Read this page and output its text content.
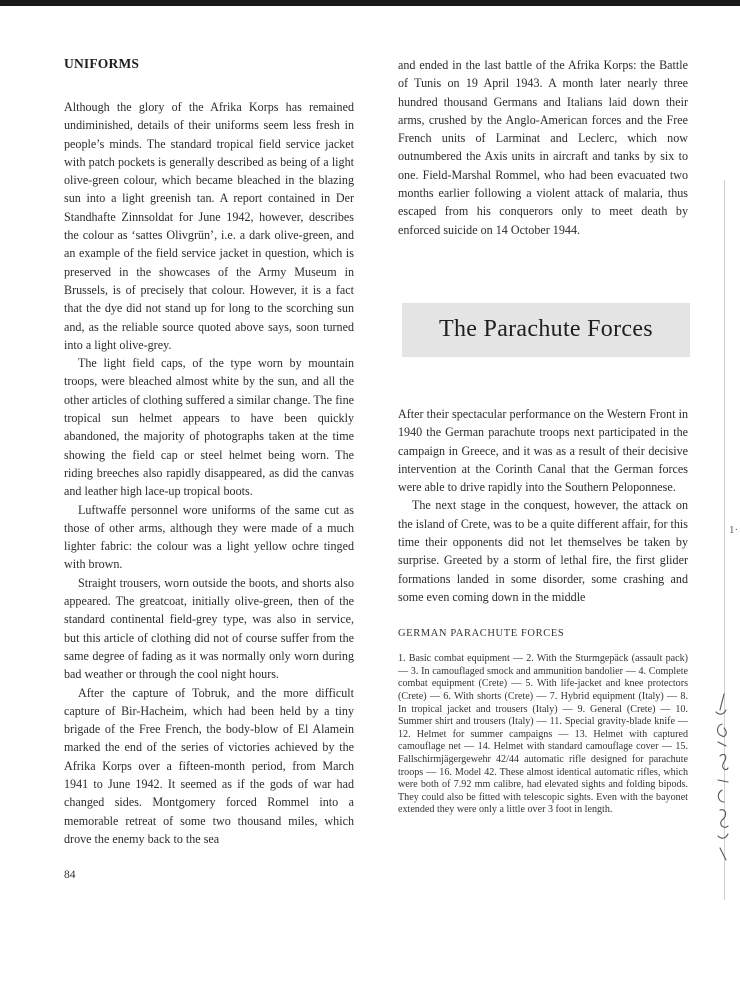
UNIFORMS

Although the glory of the Afrika Korps has remained undiminished, details of their uniforms seem less fresh in people’s minds. The standard tropical field service jacket with patch pockets is generally described as being of a light olive-green colour, which became bleached in the blazing sun into a light greenish tan. A report contained in Der Standhafte Zinnsoldat for June 1942, however, describes the colour as ‘sattes Olivgrün’, i.e. a dark olive-green, and an example of the field service jacket in question, which is preserved in the showcases of the Army Museum in Brussels, is of precisely that colour. However, it is a fact that the dye did not stand up for long to the scorching sun and, as the reliable source quoted above says, soon turned into a light olive-grey.

The light field caps, of the type worn by mountain troops, were bleached almost white by the sun, and all the other articles of clothing suffered a similar change. The fine tropical sun helmet appears to have been quickly abandoned, the majority of photographs taken at the time showing the field cap or steel helmet being worn. The riding breeches also rapidly disappeared, as did the canvas and leather high lace-up tropical boots.

Luftwaffe personnel wore uniforms of the same cut as those of other arms, although they were made of a much lighter fabric: the colour was a light yellow ochre tinged with brown.

Straight trousers, worn outside the boots, and shorts also appeared. The greatcoat, initially olive-green, then of the standard continental field-grey type, was also in service, but this article of clothing did not of course suffer from the same degree of fading as it was normally only worn during bad weather or through the cool night hours.

After the capture of Tobruk, and the more difficult capture of Bir-Hacheim, which had been held by a tiny brigade of the Free French, the body-blow of El Alamein marked the end of the series of victories achieved by the Afrika Korps over a fifteen-month period, from March 1941 to June 1942. It seemed as if the gods of war had changed sides. Montgomery forced Rommel into a memorable retreat of some two thousand miles, which drove the enemy back to the sea

and ended in the last battle of the Afrika Korps: the Battle of Tunis on 19 April 1943. A month later nearly three hundred thousand Germans and Italians laid down their arms, crushed by the Anglo-American forces and the Free French units of Larminat and Leclerc, which now outnumbered the Axis units in aircraft and tanks by six to one. Field-Marshal Rommel, who had been evacuated two months earlier following a violent attack of malaria, thus escaped from his conquerors only to meet death by enforced suicide on 14 October 1944.

The Parachute Forces

After their spectacular performance on the Western Front in 1940 the German parachute troops next participated in the campaign in Greece, and it was as a result of their decisive intervention at the Corinth Canal that the German forces were able to drive rapidly into the Southern Peloponnese.

The next stage in the conquest, however, the attack on the island of Crete, was to be a quite different affair, for this time their opponents did not let themselves be taken by surprise. Greeted by a storm of lethal fire, the first glider formations landed in some disorder, some crashing and some even coming down in the middle

GERMAN PARACHUTE FORCES

1. Basic combat equipment — 2. With the Sturmgepäck (assault pack) — 3. In camouflaged smock and ammunition bandolier — 4. Complete combat equipment (Crete) — 5. With life-jacket and knee protectors (Crete) — 6. With shorts (Crete) — 7. Hybrid equipment (Italy) — 8. In tropical jacket and trousers (Italy) — 9. General (Crete) — 10. Summer shirt and trousers (Italy) — 11. Special gravity-blade knife — 12. Helmet for summer campaigns — 13. Helmet with captured camouflage net — 14. Helmet with standard camouflage cover — 15. Fallschirmjägergewehr 42/44 automatic rifle designed for parachute troops — 16. Model 42. These almost identical automatic rifles, which were both of 7.92 mm calibre, had elevated sights and folding bipods. They could also be fitted with telescopic sights. Even with the bayonet extended they were only a little over 3 foot in length.

84
1·
